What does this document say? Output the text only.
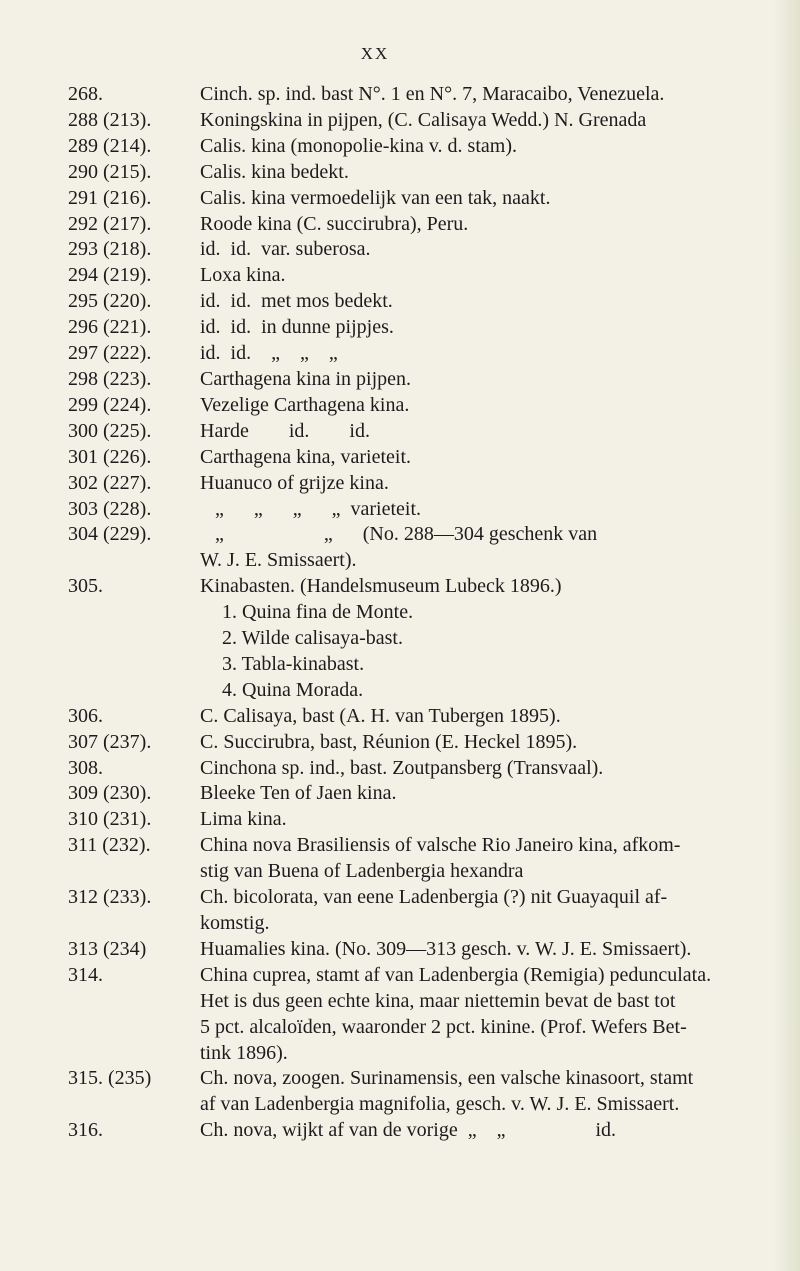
XX
268.	Cinch. sp. ind. bast N°. 1 en N°. 7, Maracaibo, Venezuela.
288 (213).	Koningskina in pijpen, (C. Calisaya Wedd.) N. Grenada
289 (214).	Calis. kina (monopolie-kina v. d. stam).
290 (215).	Calis. kina bedekt.
291 (216).	Calis. kina vermoedelijk van een tak, naakt.
292 (217).	Roode kina (C. succirubra), Peru.
293 (218).	id.  id.  var. suberosa.
294 (219).	Loxa kina.
295 (220).	id.  id.  met mos bedekt.
296 (221).	id.  id.  in dunne pijpjes.
297 (222).	id.  id.    „    „    „
298 (223).	Carthagena kina in pijpen.
299 (224).	Vezelige Carthagena kina.
300 (225).	Harde        id.        id.
301 (226).	Carthagena kina, varieteit.
302 (227).	Huanuco of grijze kina.
303 (228).	„      „      „      „  varieteit.
304 (229).	„                    „      (No. 288—304 geschenk van
W. J. E. Smissaert).
305.	Kinabasten. (Handelsmuseum Lubeck 1896.)
1. Quina fina de Monte.
2. Wilde calisaya-bast.
3. Tabla-kinabast.
4. Quina Morada.
306.	C. Calisaya, bast (A. H. van Tubergen 1895).
307 (237).	C. Succirubra, bast, Réunion (E. Heckel 1895).
308.	Cinchona sp. ind., bast. Zoutpansberg (Transvaal).
309 (230).	Bleeke Ten of Jaen kina.
310 (231).	Lima kina.
311 (232).	China nova Brasiliensis of valsche Rio Janeiro kina, afkom-
stig van Buena of Ladenbergia hexandra
312 (233).	Ch. bicolorata, van eene Ladenbergia (?) nit Guayaquil af-
komstig.
313 (234)	Huamalies kina. (No. 309—313 gesch. v. W. J. E. Smissaert).
314.	China cuprea, stamt af van Ladenbergia (Remigia) pedunculata.
Het is dus geen echte kina, maar niettemin bevat de bast tot
5 pct. alcaloïden, waaronder 2 pct. kinine. (Prof. Wefers Bet-
tink 1896).
315. (235)	Ch. nova, zoogen. Surinamensis, een valsche kinasoort, stamt
af van Ladenbergia magnifolia, gesch. v. W. J. E. Smissaert.
316.	Ch. nova, wijkt af van de vorige  „    „                  id.
